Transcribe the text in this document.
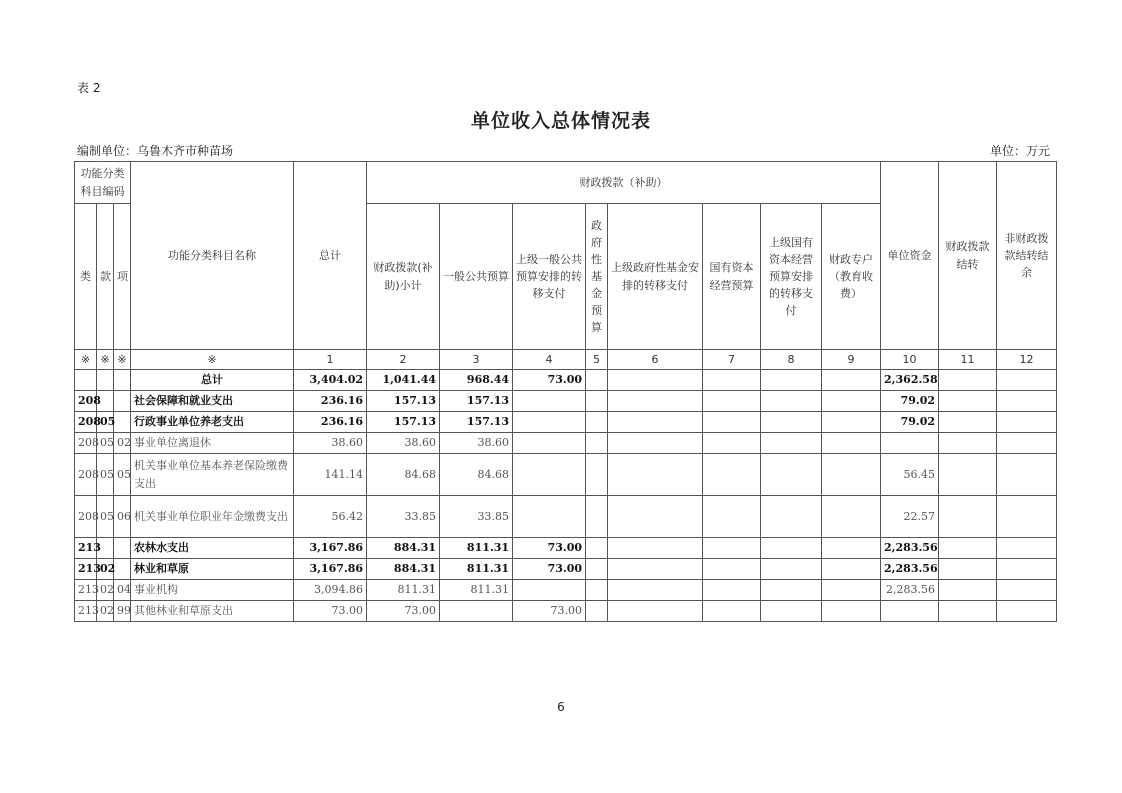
表 2
单位收入总体情况表
编制单位：乌鲁木齐市种苗场	单位：万元
功能分类科目编码			功能分类科目名称	总计	财政拨款（补助）								单位资金	财政拨款结转	非财政拨款结转结余
类	款	项			财政拨款(补助)小计	一般公共预算	上级一般公共预算安排的转移支付	政府性基金预算	上级政府性基金安排的转移支付	国有资本经营预算	上级国有资本经营预算安排的转移支付	财政专户（教育收费）			
※	※	※	※	1	2	3	4	5	6	7	8	9	10	11	12
			总计	3,404.02	1,041.44	968.44	73.00						2,362.58		
208			社会保障和就业支出	236.16	157.13	157.13							79.02		
208	05		行政事业单位养老支出	236.16	157.13	157.13							79.02		
208	05	02	事业单位离退休	38.60	38.60	38.60									
208	05	05	机关事业单位基本养老保险缴费支出	141.14	84.68	84.68							56.45		
208	05	06	机关事业单位职业年金缴费支出	56.42	33.85	33.85							22.57		
213			农林水支出	3,167.86	884.31	811.31	73.00						2,283.56		
213	02		林业和草原	3,167.86	884.31	811.31	73.00						2,283.56		
213	02	04	事业机构	3,094.86	811.31	811.31							2,283.56		
213	02	99	其他林业和草原支出	73.00	73.00		73.00								
6
